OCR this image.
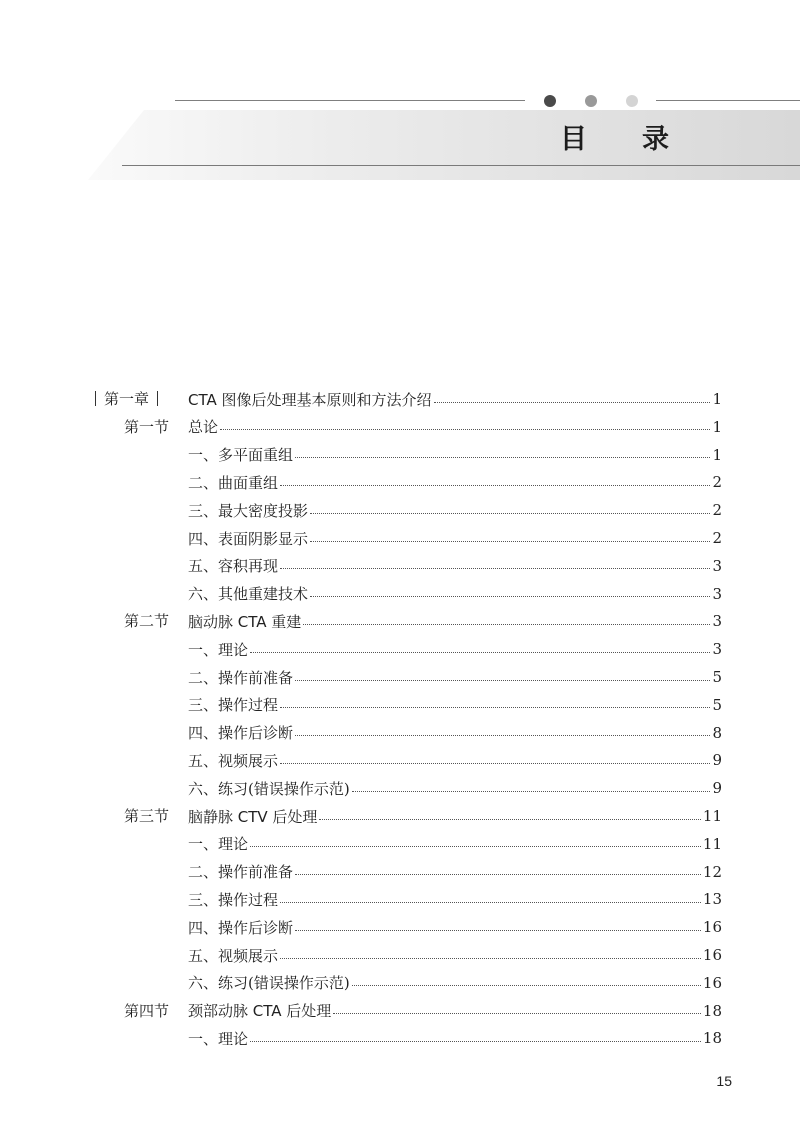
目录
第一章	CTA 图像后处理基本原则和方法介绍	1
第一节	总论	1
一、多平面重组	1
二、曲面重组	2
三、最大密度投影	2
四、表面阴影显示	2
五、容积再现	3
六、其他重建技术	3
第二节	脑动脉 CTA 重建	3
一、理论	3
二、操作前准备	5
三、操作过程	5
四、操作后诊断	8
五、视频展示	9
六、练习(错误操作示范)	9
第三节	脑静脉 CTV 后处理	11
一、理论	11
二、操作前准备	12
三、操作过程	13
四、操作后诊断	16
五、视频展示	16
六、练习(错误操作示范)	16
第四节	颈部动脉 CTA 后处理	18
一、理论	18
15
